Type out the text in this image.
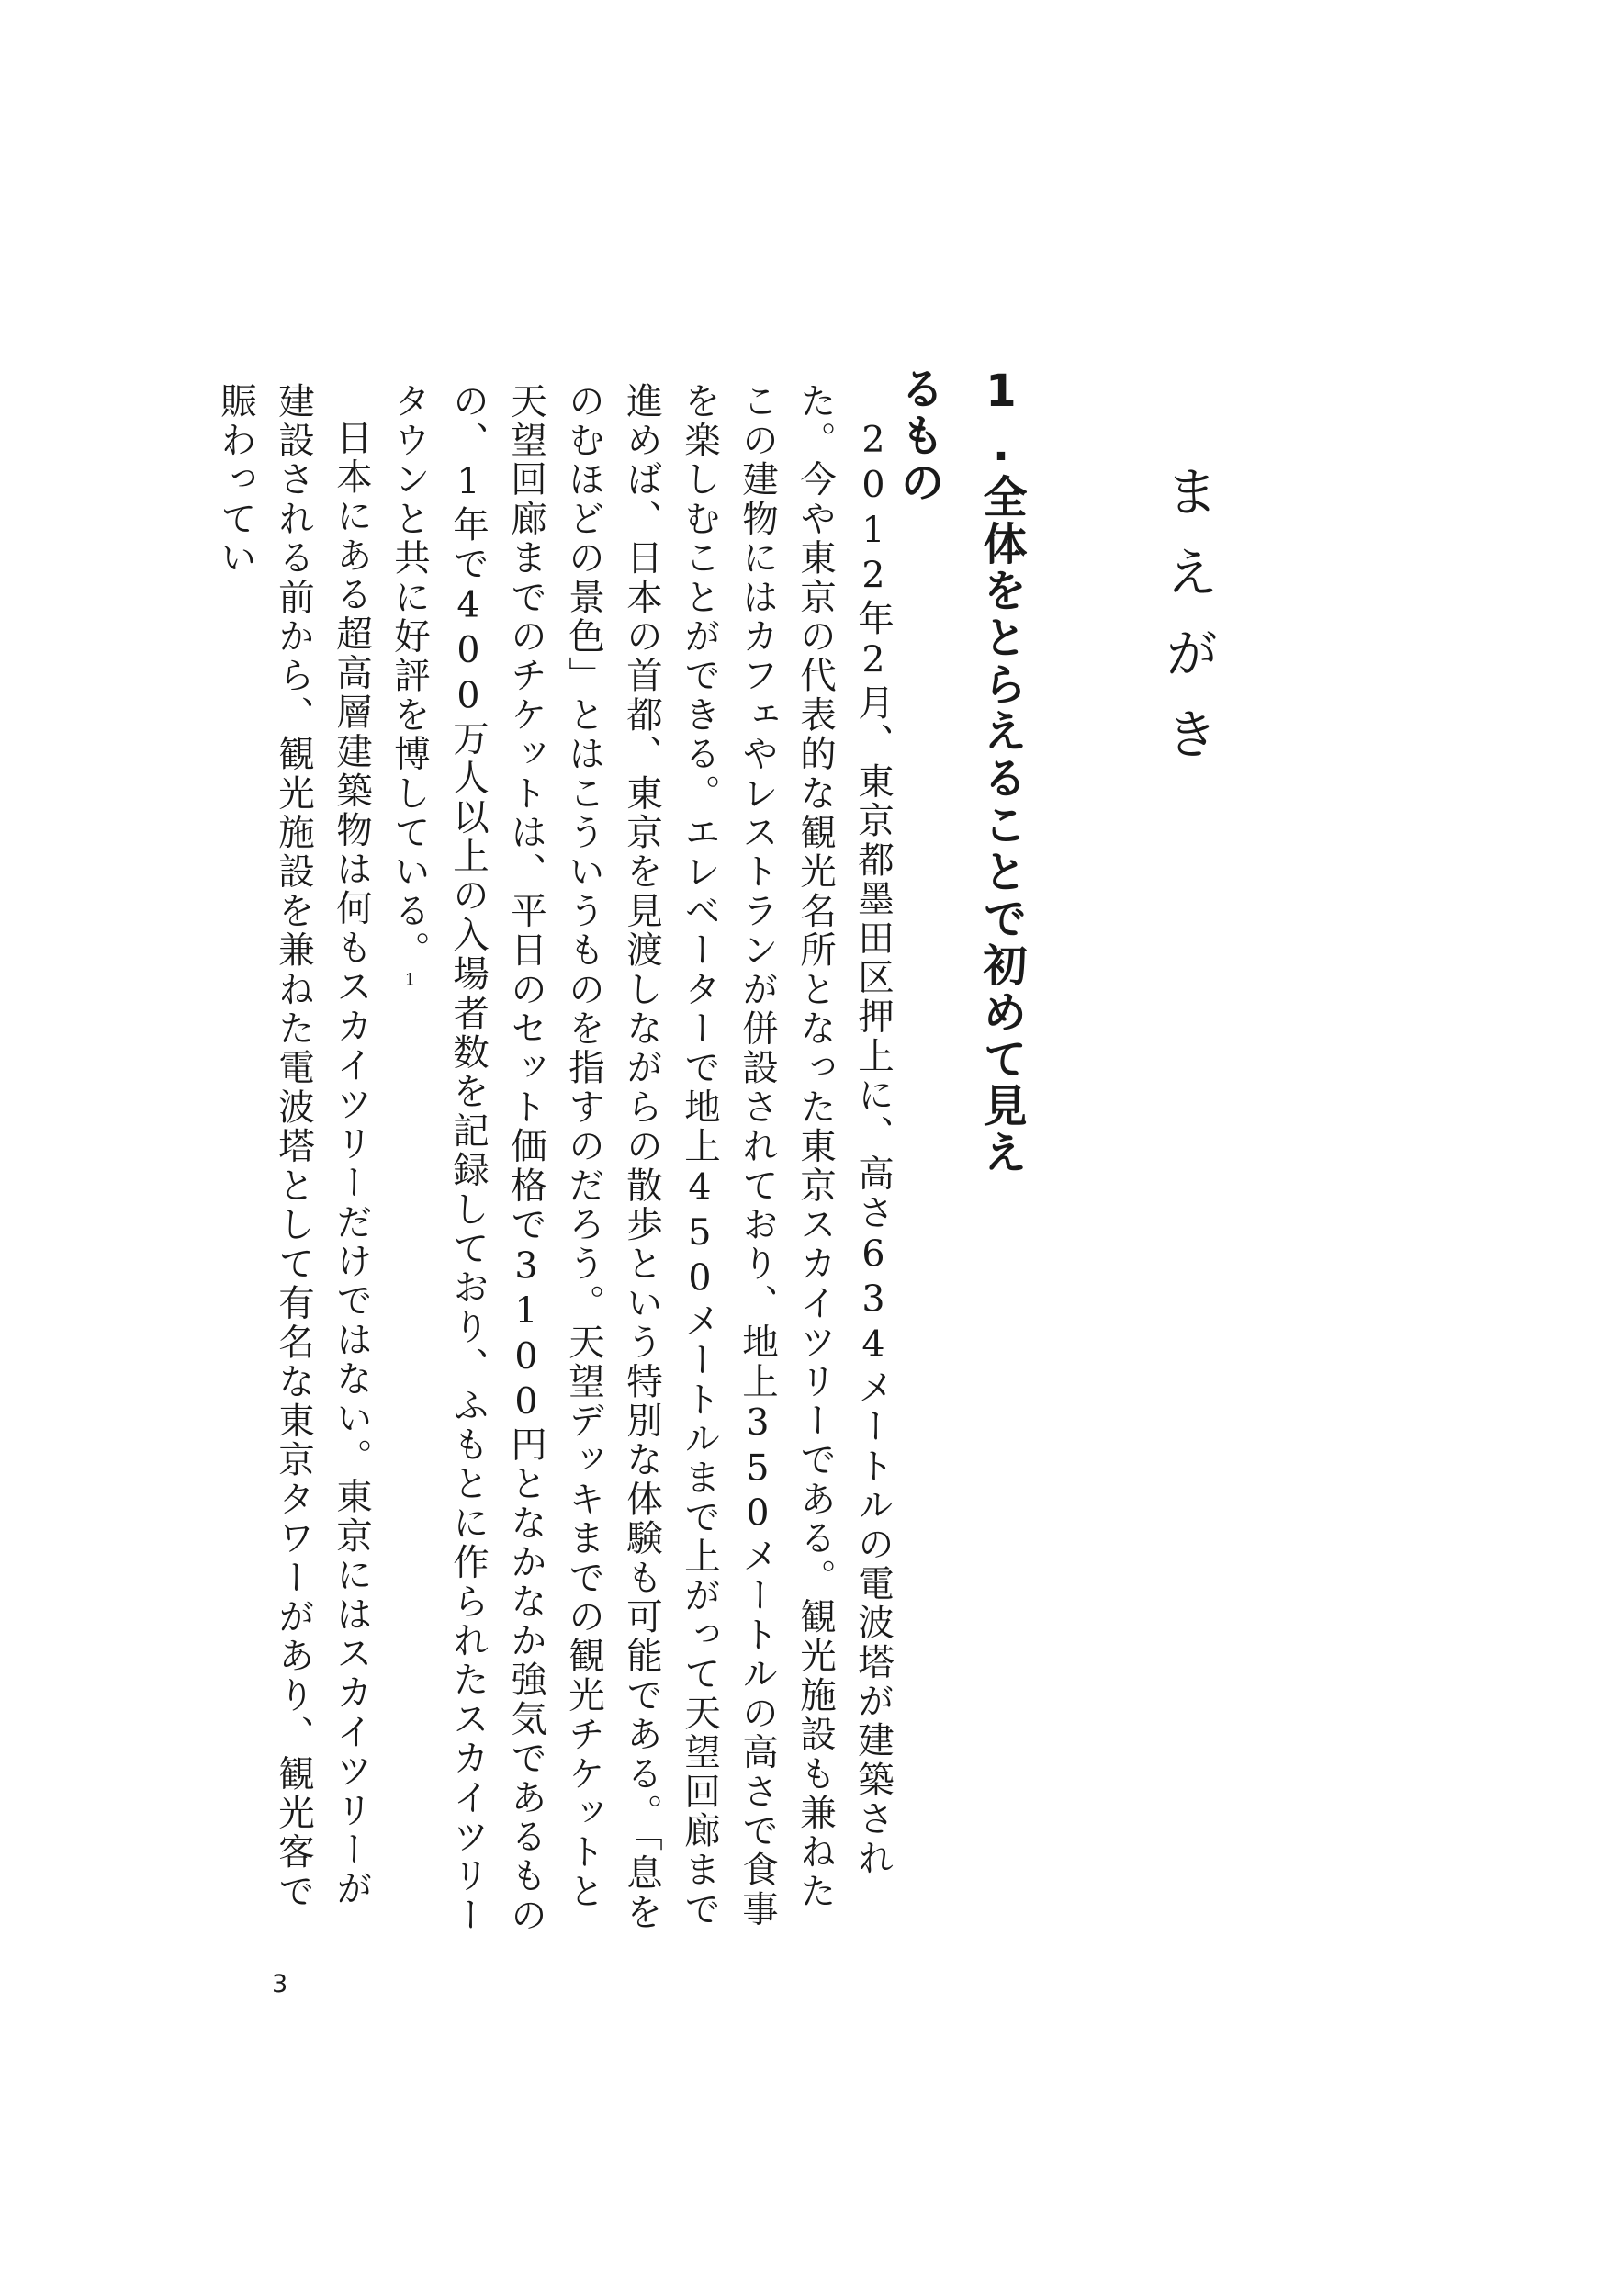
まえがき
1.全体をとらえることで初めて見えるもの

2012年2月、東京都墨田区押上に、高さ634メートルの電波塔が建築された。今や東京の代表的な観光名所となった東京スカイツリーである。観光施設も兼ねたこの建物にはカフェやレストランが併設されており、地上350メートルの高さで食事を楽しむことができる。エレベーターで地上450メートルまで上がって天望回廊まで進めば、日本の首都、東京を見渡しながらの散歩という特別な体験も可能である。「息をのむほどの景色」とはこういうものを指すのだろう。天望デッキまでの観光チケットと天望回廊までのチケットは、平日のセット価格で3100円となかなか強気であるものの、1年で400万人以上の入場者数を記録しており、ふもとに作られたスカイツリータウンと共に好評を博している。1

日本にある超高層建築物は何もスカイツリーだけではない。東京にはスカイツリーが建設される前から、観光施設を兼ねた電波塔として有名な東京タワーがあり、観光客で賑わってい

3
